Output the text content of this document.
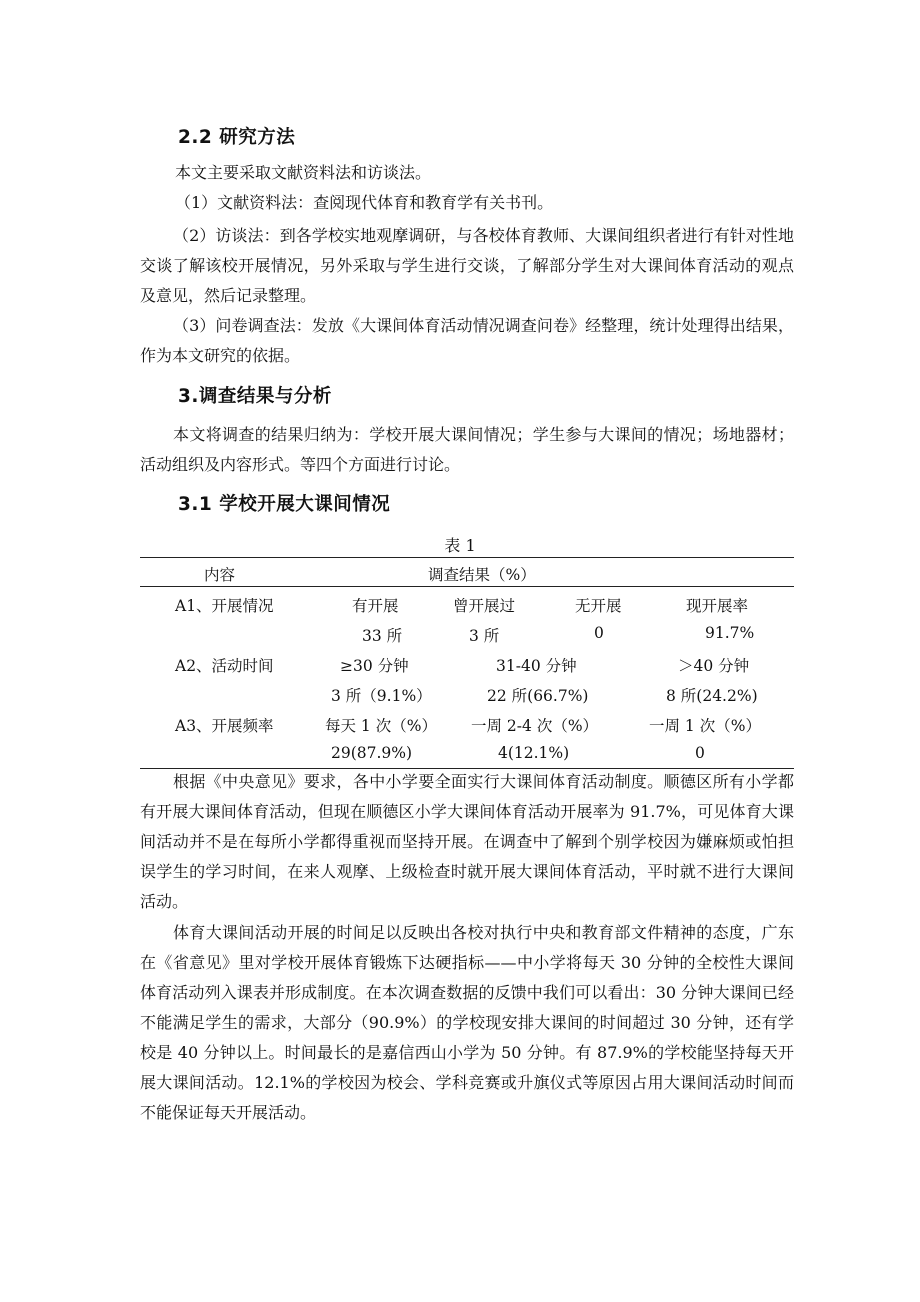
2.2 研究方法
本文主要采取文献资料法和访谈法。
（1）文献资料法：查阅现代体育和教育学有关书刊。

（2）访谈法：到各学校实地观摩调研，与各校体育教师、大课间组织者进行有针对性地交谈了解该校开展情况，另外采取与学生进行交谈，了解部分学生对大课间体育活动的观点及意见，然后记录整理。

（3）问卷调查法：发放《大课间体育活动情况调查问卷》经整理，统计处理得出结果，作为本文研究的依据。

3.调查结果与分析

本文将调查的结果归纳为：学校开展大课间情况；学生参与大课间的情况；场地器材；活动组织及内容形式。等四个方面进行讨论。

3.1 学校开展大课间情况
表 1
内容	调查结果（%）
A1、开展情况	有开展	曾开展过	无开展	现开展率
33 所	3 所	0	91.7%
A2、活动时间	≥30 分钟	31-40 分钟	＞40 分钟
3 所（9.1%）	22 所(66.7%)	8 所(24.2%)
A3、开展频率	每天 1 次（%） 一周 2-4 次（%）	一周 1 次（%）
29(87.9%)	4(12.1%)	0

根据《中央意见》要求，各中小学要全面实行大课间体育活动制度。顺德区所有小学都有开展大课间体育活动，但现在顺德区小学大课间体育活动开展率为 91.7%，可见体育大课间活动并不是在每所小学都得重视而坚持开展。在调查中了解到个别学校因为嫌麻烦或怕担误学生的学习时间，在来人观摩、上级检查时就开展大课间体育活动，平时就不进行大课间活动。

体育大课间活动开展的时间足以反映出各校对执行中央和教育部文件精神的态度，广东在《省意见》里对学校开展体育锻炼下达硬指标——中小学将每天 30 分钟的全校性大课间体育活动列入课表并形成制度。在本次调查数据的反馈中我们可以看出：30 分钟大课间已经不能满足学生的需求，大部分（90.9%）的学校现安排大课间的时间超过 30 分钟，还有学校是 40 分钟以上。时间最长的是嘉信西山小学为 50 分钟。有 87.9%的学校能坚持每天开展大课间活动。12.1%的学校因为校会、学科竞赛或升旗仪式等原因占用大课间活动时间而不能保证每天开展活动。
